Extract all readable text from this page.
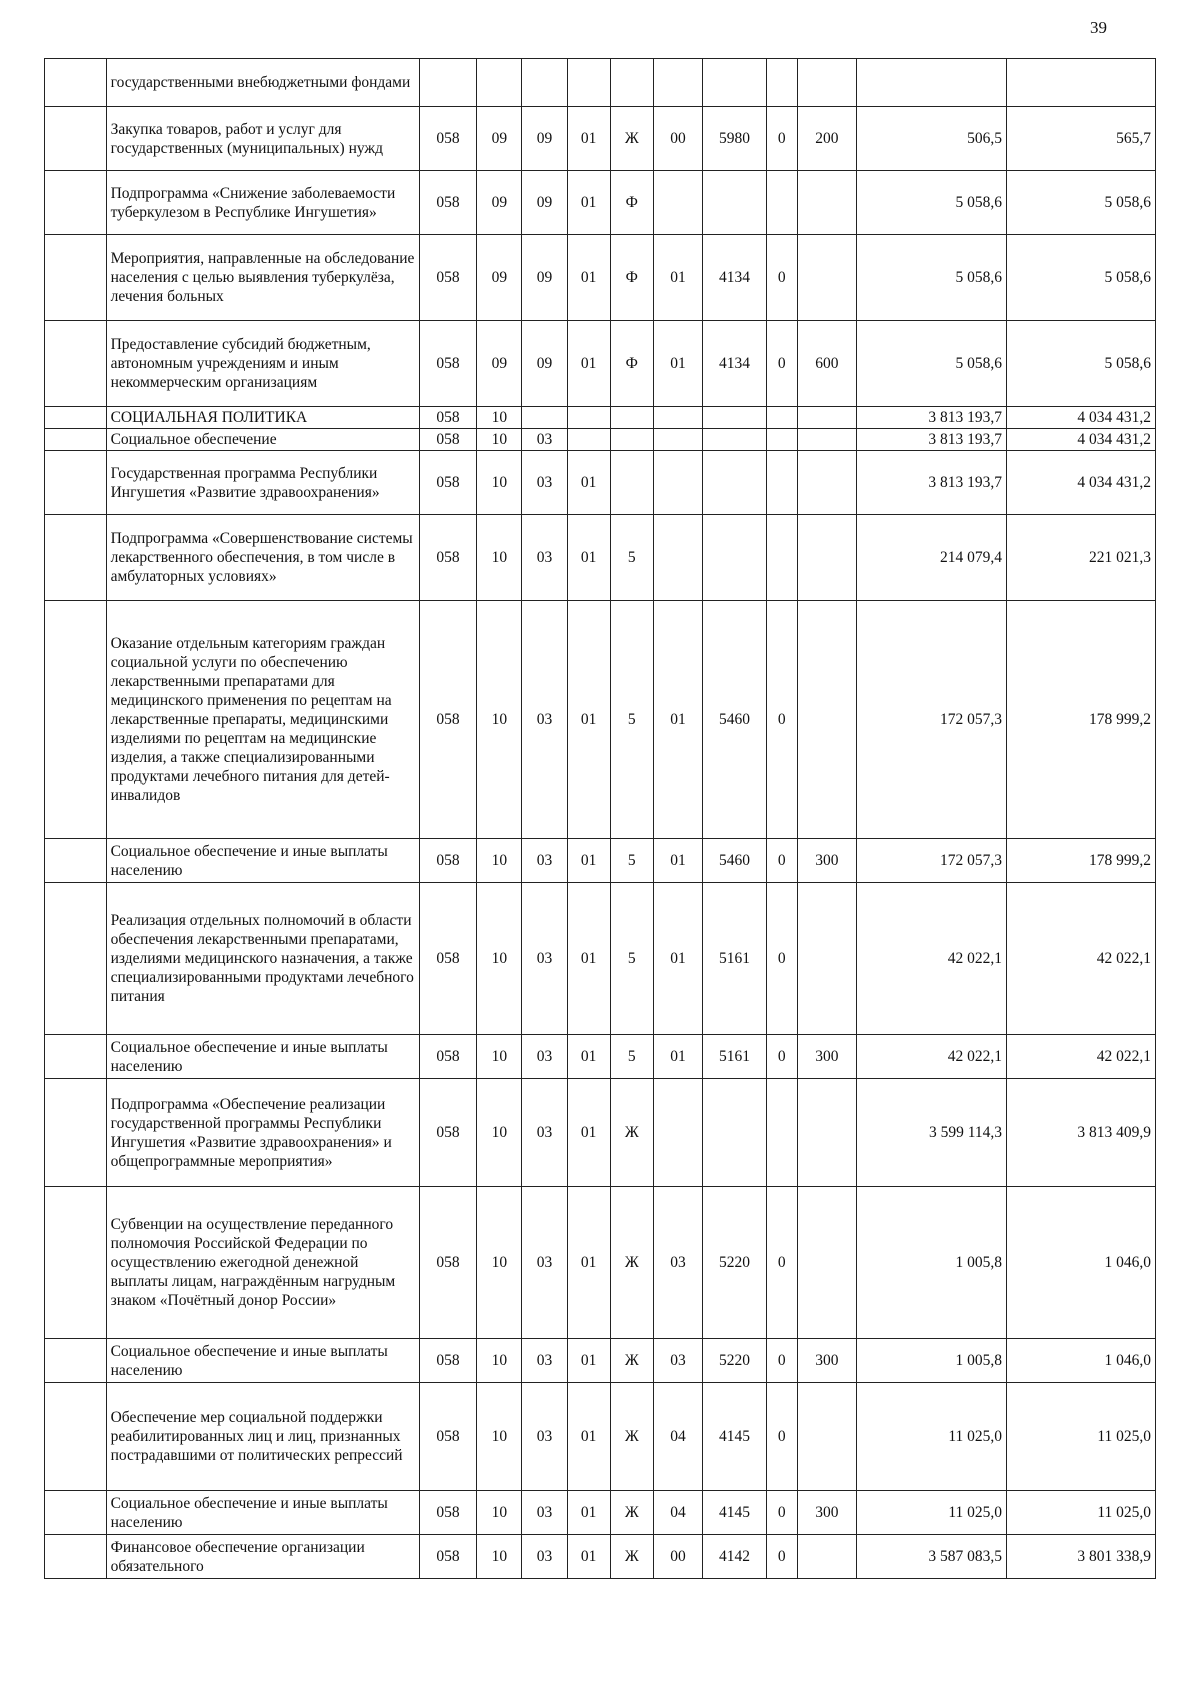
39
	государственными внебюджетными фондами											
	Закупка товаров, работ и услуг для государственных (муниципальных) нужд	058	09	09	01	Ж	00	5980	0	200	506,5	565,7
	Подпрограмма «Снижение заболеваемости туберкулезом в Республике Ингушетия»	058	09	09	01	Ф					5 058,6	5 058,6
	Мероприятия, направленные на обследование населения с целью выявления туберкулёза, лечения больных	058	09	09	01	Ф	01	4134	0		5 058,6	5 058,6
	Предоставление субсидий бюджетным, автономным учреждениям и иным некоммерческим организациям	058	09	09	01	Ф	01	4134	0	600	5 058,6	5 058,6
	СОЦИАЛЬНАЯ ПОЛИТИКА	058	10								3 813 193,7	4 034 431,2
	Социальное обеспечение	058	10	03							3 813 193,7	4 034 431,2
	Государственная программа Республики Ингушетия «Развитие здравоохранения»	058	10	03	01						3 813 193,7	4 034 431,2
	Подпрограмма «Совершенствование системы лекарственного обеспечения, в том числе в амбулаторных условиях»	058	10	03	01	5					214 079,4	221 021,3
	Оказание отдельным категориям граждан социальной услуги по обеспечению лекарственными препаратами для медицинского применения по рецептам на лекарственные препараты, медицинскими изделиями по рецептам на медицинские изделия, а также специализированными продуктами лечебного питания для детей-инвалидов	058	10	03	01	5	01	5460	0		172 057,3	178 999,2
	Социальное обеспечение и иные выплаты населению	058	10	03	01	5	01	5460	0	300	172 057,3	178 999,2
	Реализация отдельных полномочий в области обеспечения лекарственными препаратами, изделиями медицинского назначения, а также специализированными продуктами лечебного питания	058	10	03	01	5	01	5161	0		42 022,1	42 022,1
	Социальное обеспечение и иные выплаты населению	058	10	03	01	5	01	5161	0	300	42 022,1	42 022,1
	Подпрограмма «Обеспечение реализации государственной программы Республики Ингушетия «Развитие здравоохранения» и общепрограммные мероприятия»	058	10	03	01	Ж					3 599 114,3	3 813 409,9
	Субвенции на осуществление переданного полномочия Российской Федерации по осуществлению ежегодной денежной выплаты лицам, награждённым нагрудным знаком «Почётный донор России»	058	10	03	01	Ж	03	5220	0		1 005,8	1 046,0
	Социальное обеспечение и иные выплаты населению	058	10	03	01	Ж	03	5220	0	300	1 005,8	1 046,0
	Обеспечение мер социальной поддержки реабилитированных лиц и лиц, признанных пострадавшими от политических репрессий	058	10	03	01	Ж	04	4145	0		11 025,0	11 025,0
	Социальное обеспечение и иные выплаты населению	058	10	03	01	Ж	04	4145	0	300	11 025,0	11 025,0
	Финансовое обеспечение организации обязательного	058	10	03	01	Ж	00	4142	0		3 587 083,5	3 801 338,9
